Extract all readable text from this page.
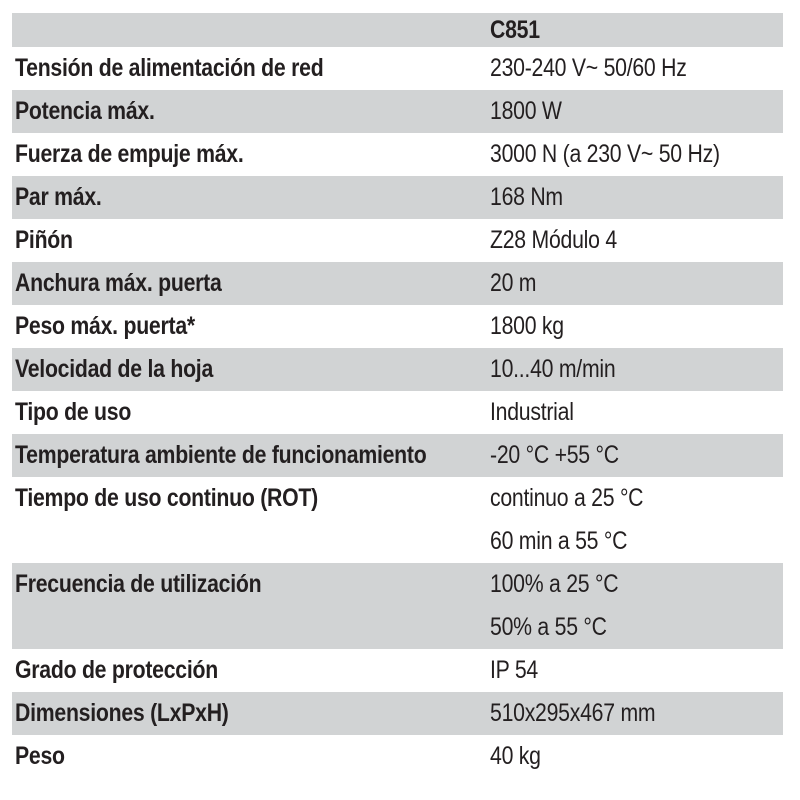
C851
Tensión de alimentación de red	230-240 V~ 50/60 Hz
Potencia máx.	1800 W
Fuerza de empuje máx.	3000 N (a 230 V~ 50 Hz)
Par máx.	168 Nm
Piñón	Z28 Módulo 4
Anchura máx. puerta	20 m
Peso máx. puerta*	1800 kg
Velocidad de la hoja	10...40 m/min
Tipo de uso	Industrial
Temperatura ambiente de funcionamiento	-20 °C +55 °C
Tiempo de uso continuo (ROT)	continuo a 25 °C
60 min a 55 °C
Frecuencia de utilización	100% a 25 °C
50% a 55 °C
Grado de protección	IP 54
Dimensiones (LxPxH)	510x295x467 mm
Peso	40 kg
